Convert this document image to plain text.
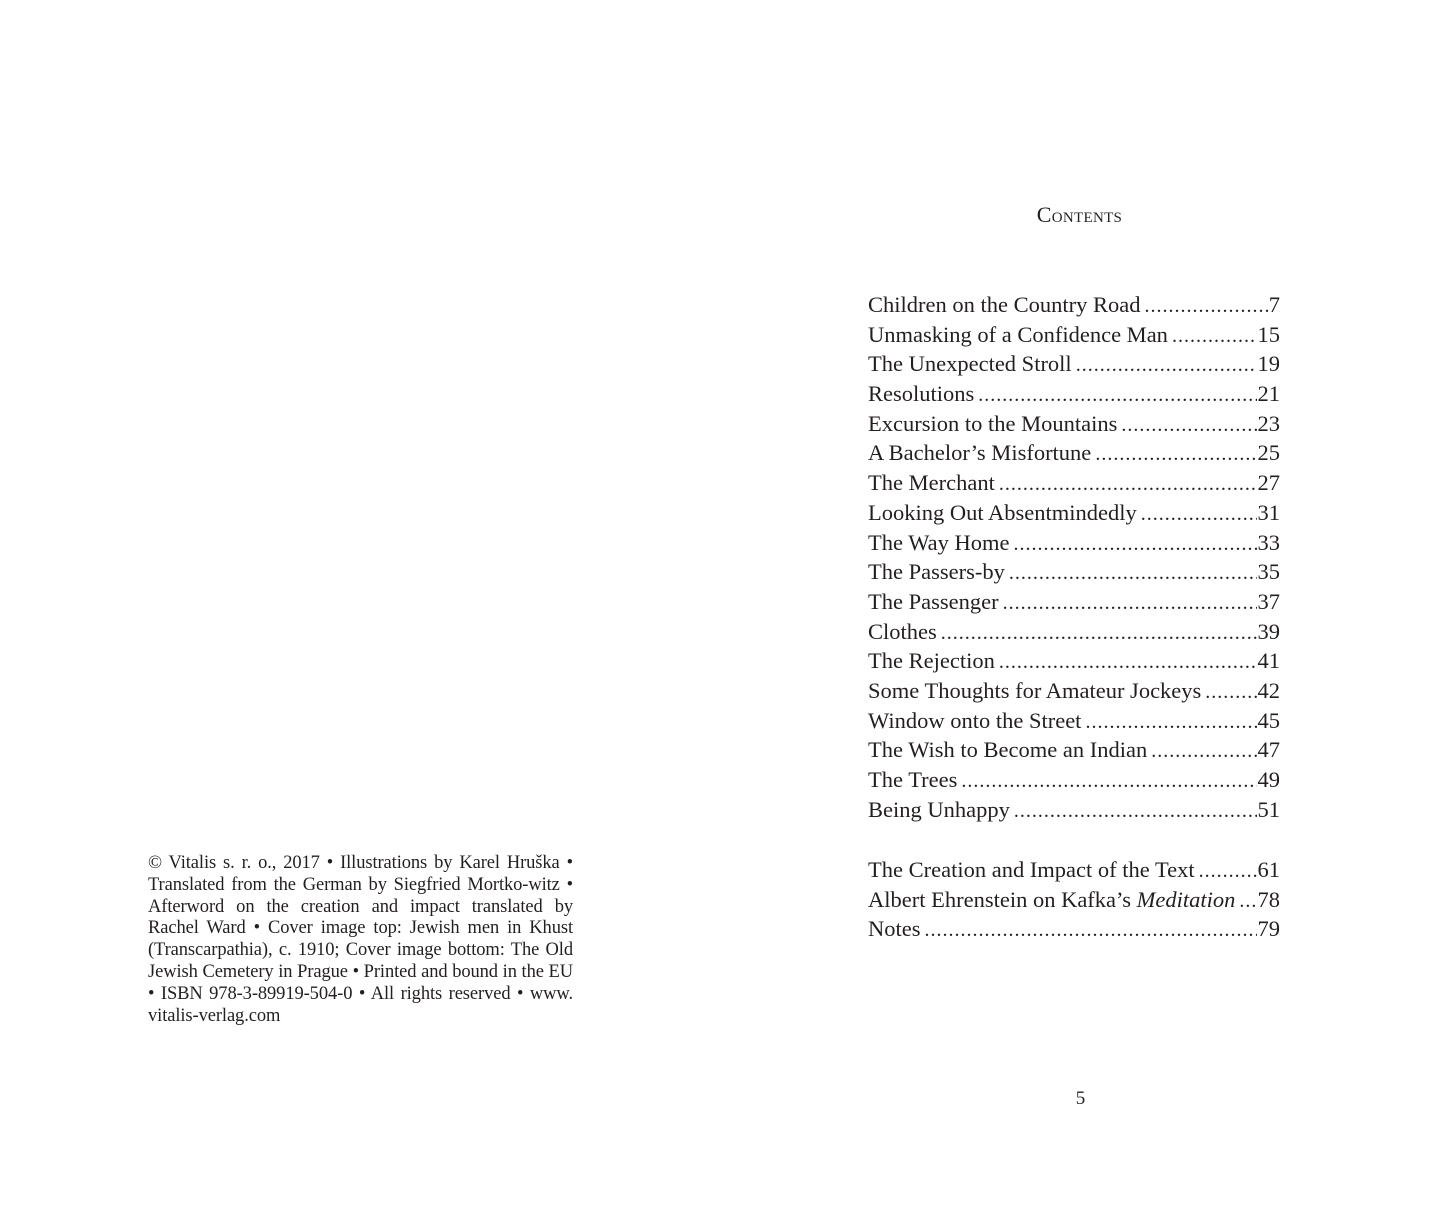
© Vitalis s. r. o., 2017 • Illustrations by Karel Hruška • Translated from the German by Siegfried Mortko-witz • Afterword on the creation and impact translated by Rachel Ward • Cover image top: Jewish men in Khust (Transcarpathia), c. 1910; Cover image bottom: The Old Jewish Cemetery in Prague • Printed and bound in the EU • ISBN 978-3-89919-504-0 • All rights reserved • www. vitalis-verlag.com

Contents
Children on the Country Road .....	7
Unmasking of a Confidence Man .....	15
The Unexpected Stroll .....	19
Resolutions .....	21
Excursion to the Mountains .....	23
A Bachelor’s Misfortune .....	25
The Merchant .....	27
Looking Out Absentmindedly .....	31
The Way Home .....	33
The Passers-by .....	35
The Passenger .....	37
Clothes .....	39
The Rejection .....	41
Some Thoughts for Amateur Jockeys ..... 42
Window onto the Street .....	45
The Wish to Become an Indian .....	47
The Trees .....	49
Being Unhappy .....	51
The Creation and Impact of the Text .....	61
Albert Ehrenstein on Kafka’s Meditation ..... 78
Notes .....	79

5
